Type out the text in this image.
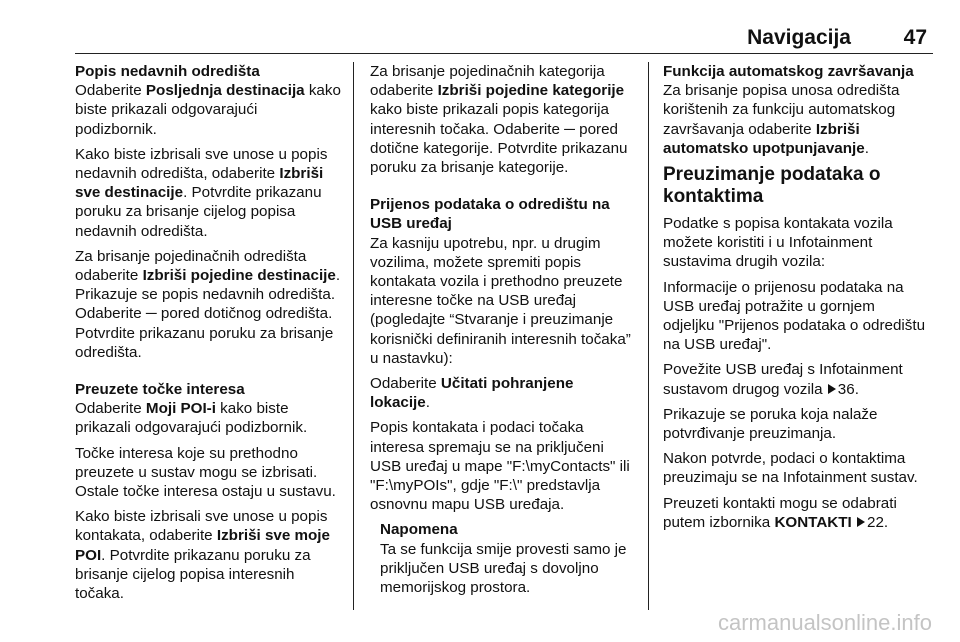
Navigacija	47
Popis nedavnih odredišta

Odaberite Posljednja destinacija kako biste prikazali odgovarajući podizbornik.

Kako biste izbrisali sve unose u popis nedavnih odredišta, odaberite Izbriši sve destinacije. Potvrdite prikazanu poruku za brisanje cijelog popisa nedavnih odredišta.

Za brisanje pojedinačnih odredišta odaberite Izbriši pojedine destinacije. Prikazuje se popis nedavnih odredišta. Odaberite ─ pored dotičnog odredišta. Potvrdite prikazanu poruku za brisanje odredišta.

Preuzete točke interesa

Odaberite Moji POI-i kako biste prikazali odgovarajući podizbornik.

Točke interesa koje su prethodno preuzete u sustav mogu se izbrisati. Ostale točke interesa ostaju u sustavu.

Kako biste izbrisali sve unose u popis kontakata, odaberite Izbriši sve moje POI. Potvrdite prikazanu poruku za brisanje cijelog popisa interesnih točaka.

Za brisanje pojedinačnih kategorija odaberite Izbriši pojedine kategorije kako biste prikazali popis kategorija interesnih točaka. Odaberite ─ pored dotične kategorije. Potvrdite prikazanu poruku za brisanje kategorije.

Prijenos podataka o odredištu na USB uređaj

Za kasniju upotrebu, npr. u drugim vozilima, možete spremiti popis kontakata vozila i prethodno preuzete interesne točke na USB uređaj (pogledajte “Stvaranje i preuzimanje korisnički definiranih interesnih točaka” u nastavku):

Odaberite Učitati pohranjene lokacije.

Popis kontakata i podaci točaka interesa spremaju se na priključeni USB uređaj u mape "F:\myContacts" ili "F:\myPOIs", gdje "F:\" predstavlja osnovnu mapu USB uređaja.

Napomena
Ta se funkcija smije provesti samo je priključen USB uređaj s dovoljno memorijskog prostora.
Funkcija automatskog završavanja

Za brisanje popisa unosa odredišta korištenih za funkciju automatskog završavanja odaberite Izbriši automatsko upotpunjavanje.

Preuzimanje podataka o kontaktima

Podatke s popisa kontakata vozila možete koristiti i u Infotainment sustavima drugih vozila:

Informacije o prijenosu podataka na USB uređaj potražite u gornjem odjeljku "Prijenos podataka o odredištu na USB uređaj".

Povežite USB uređaj s Infotainment sustavom drugog vozila 36.

Prikazuje se poruka koja nalaže potvrđivanje preuzimanja.

Nakon potvrde, podaci o kontaktima preuzimaju se na Infotainment sustav.

Preuzeti kontakti mogu se odabrati putem izbornika KONTAKTI 22.

carmanualsonline.info
